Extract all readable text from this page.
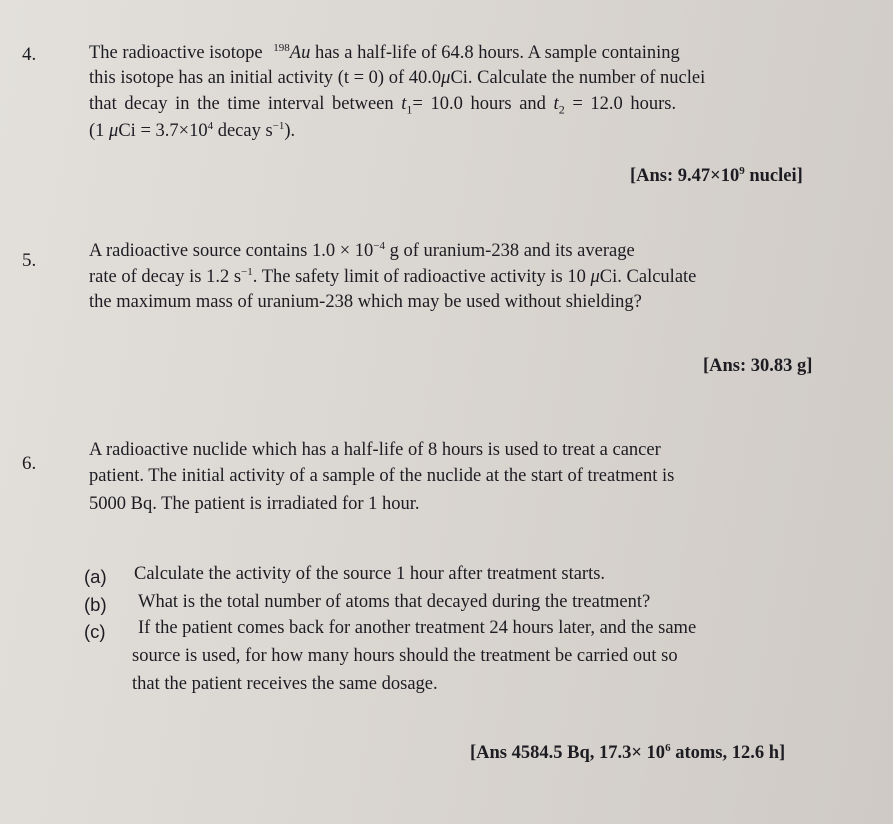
4.	The radioactive isotope $^{198}$Au has a half-life of 64.8 hours. A sample containing
this isotope has an initial activity (t = 0) of 40.0μCi. Calculate the number of nuclei
that decay in the time interval between $t_1= 10.0$ hours and $t_2 = 12.0$ hours.
(1 $\mu Ci = 3.7\times 10^4$ decay $s^{-1}$).
[Ans: $9.47\times 10^9$ nuclei]
5.	A radioactive source contains $1.0 \times 10^{-4}$ g of uranium-238 and its average
rate of decay is 1.2 $s^{-1}$. The safety limit of radioactive activity is 10 μCi. Calculate
the maximum mass of uranium-238 which may be used without shielding?
[Ans: 30.83 g]
6.
A radioactive nuclide which has a half-life of 8 hours is used to treat a cancer
patient. The initial activity of a sample of the nuclide at the start of treatment is
5000 Bq. The patient is irradiated for 1 hour.
(a) Calculate the activity of the source 1 hour after treatment starts.
(b) What is the total number of atoms that decayed during the treatment?
(c) If the patient comes back for another treatment 24 hours later, and the same
source is used, for how many hours should the treatment be carried out so
that the patient receives the same dosage.
[Ans 4584.5 Bq, $17.3\times 10^6$ atoms, 12.6 h]
